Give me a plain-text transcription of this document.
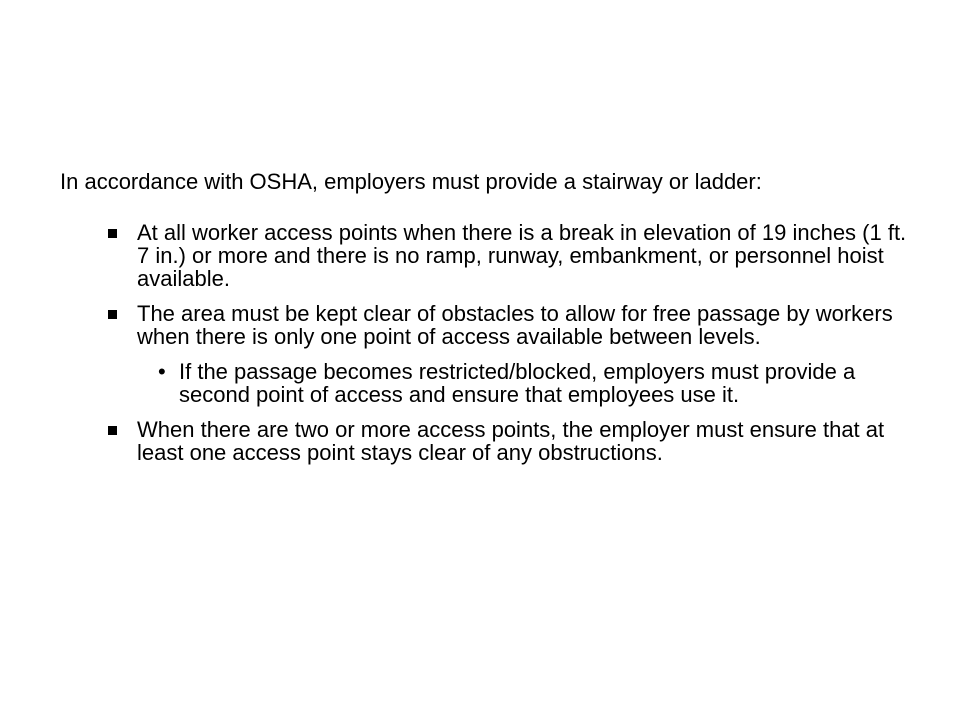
In accordance with OSHA, employers must provide a stairway or ladder:

At all worker access points when there is a break in elevation of 19 inches (1 ft. 7 in.) or more and there is no ramp, runway, embankment, or personnel hoist available.
The area must be kept clear of obstacles to allow for free passage by workers when there is only one point of access available between levels.
• If the passage becomes restricted/blocked, employers must provide a second point of access and ensure that employees use it.
When there are two or more access points, the employer must ensure that at least one access point stays clear of any obstructions.
